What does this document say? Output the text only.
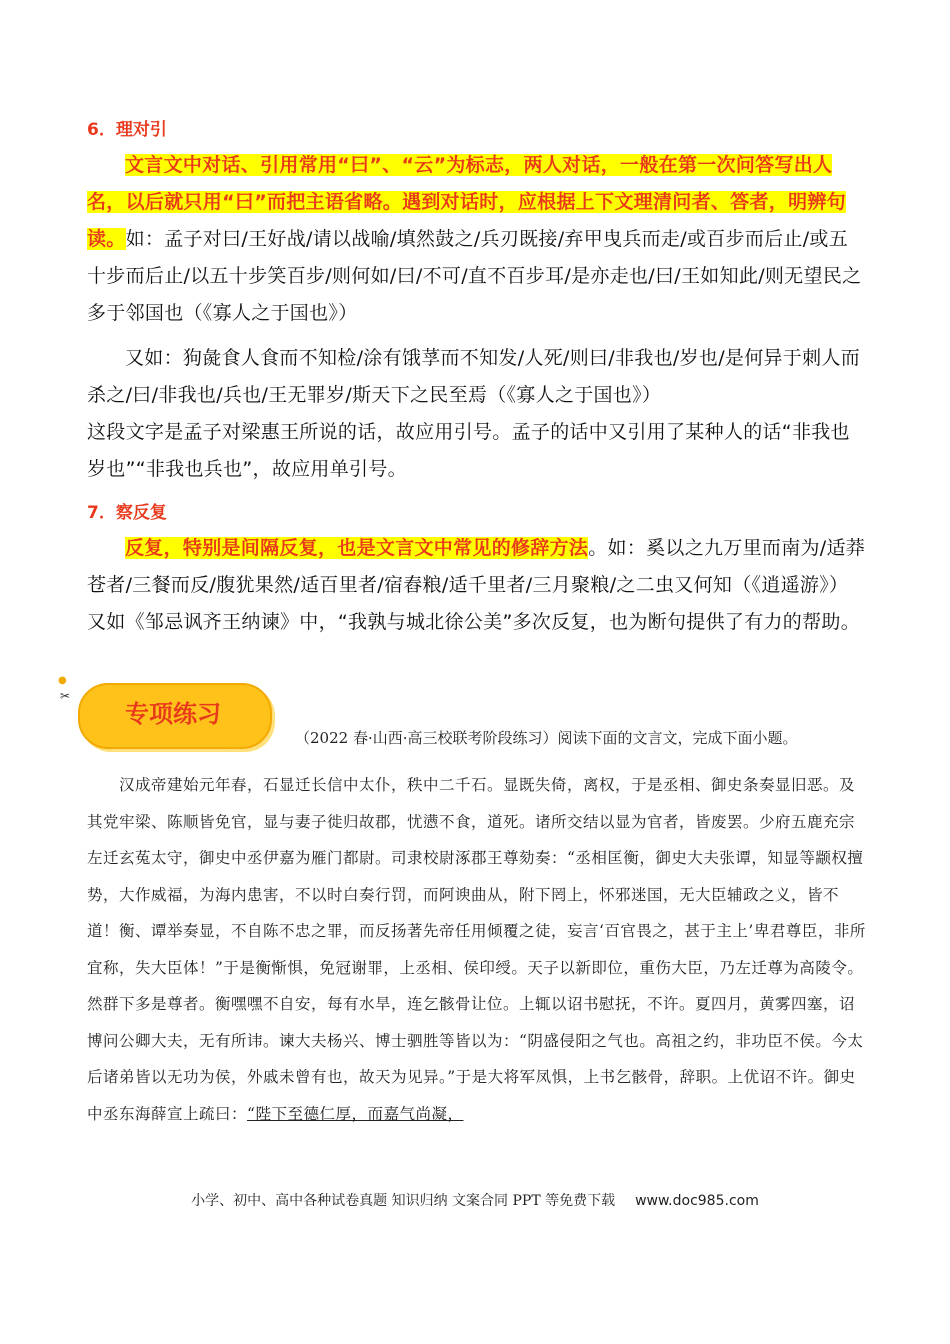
6．理对引
文言文中对话、引用常用“曰”、“云”为标志，两人对话，一般在第一次问答写出人名，以后就只用“曰”而把主语省略。遇到对话时，应根据上下文理清问者、答者，明辨句读。如：孟子对曰/王好战/请以战喻/填然鼓之/兵刃既接/弃甲曳兵而走/或百步而后止/或五十步而后止/以五十步笑百步/则何如/曰/不可/直不百步耳/是亦走也/曰/王如知此/则无望民之多于邻国也（《寡人之于国也》）
又如：狗彘食人食而不知检/涂有饿莩而不知发/人死/则曰/非我也/岁也/是何异于刺人而杀之/曰/非我也/兵也/王无罪岁/斯天下之民至焉（《寡人之于国也》）
这段文字是孟子对梁惠王所说的话，故应用引号。孟子的话中又引用了某种人的话“非我也岁也”“非我也兵也”，故应用单引号。
7．察反复
反复，特别是间隔反复，也是文言文中常见的修辞方法。如：奚以之九万里而南为/适莽苍者/三餐而反/腹犹果然/适百里者/宿舂粮/适千里者/三月聚粮/之二虫又何知（《逍遥游》）
又如《邹忌讽齐王纳谏》中，“我孰与城北徐公美”多次反复，也为断句提供了有力的帮助。
●
✂
专项练习
（2022 春·山西·高三校联考阶段练习）阅读下面的文言文，完成下面小题。
汉成帝建始元年春，石显迁长信中太仆，秩中二千石。显既失倚，离权，于是丞相、御史条奏显旧恶。及其党牢梁、陈顺皆免官，显与妻子徙归故郡，忧懑不食，道死。诸所交结以显为官者，皆废罢。少府五鹿充宗左迁玄菟太守，御史中丞伊嘉为雁门都尉。司隶校尉涿郡王尊劾奏：“丞相匡衡，御史大夫张谭，知显等颛权擅势，大作威福，为海内患害，不以时白奏行罚，而阿谀曲从，附下罔上，怀邪迷国，无大臣辅政之义，皆不道！衡、谭举奏显，不自陈不忠之罪，而反扬著先帝任用倾覆之徒，妄言‘百官畏之，甚于主上’卑君尊臣，非所宜称，失大臣体！”于是衡惭惧，免冠谢罪，上丞相、侯印绶。天子以新即位，重伤大臣，乃左迁尊为高陵令。然群下多是尊者。衡嘿嘿不自安，每有水旱，连乞骸骨让位。上辄以诏书慰抚，不许。夏四月，黄雾四塞，诏博问公卿大夫，无有所讳。谏大夫杨兴、博士驷胜等皆以为：“阴盛侵阳之气也。高祖之约，非功臣不侯。今太后诸弟皆以无功为侯，外戚未曾有也，故天为见异。”于是大将军凤惧，上书乞骸骨，辞职。上优诏不许。御史中丞东海薛宣上疏曰：“陛下至德仁厚，而嘉气尚凝，
小学、初中、高中各种试卷真题 知识归纳 文案合同 PPT 等免费下载 www.doc985.com
